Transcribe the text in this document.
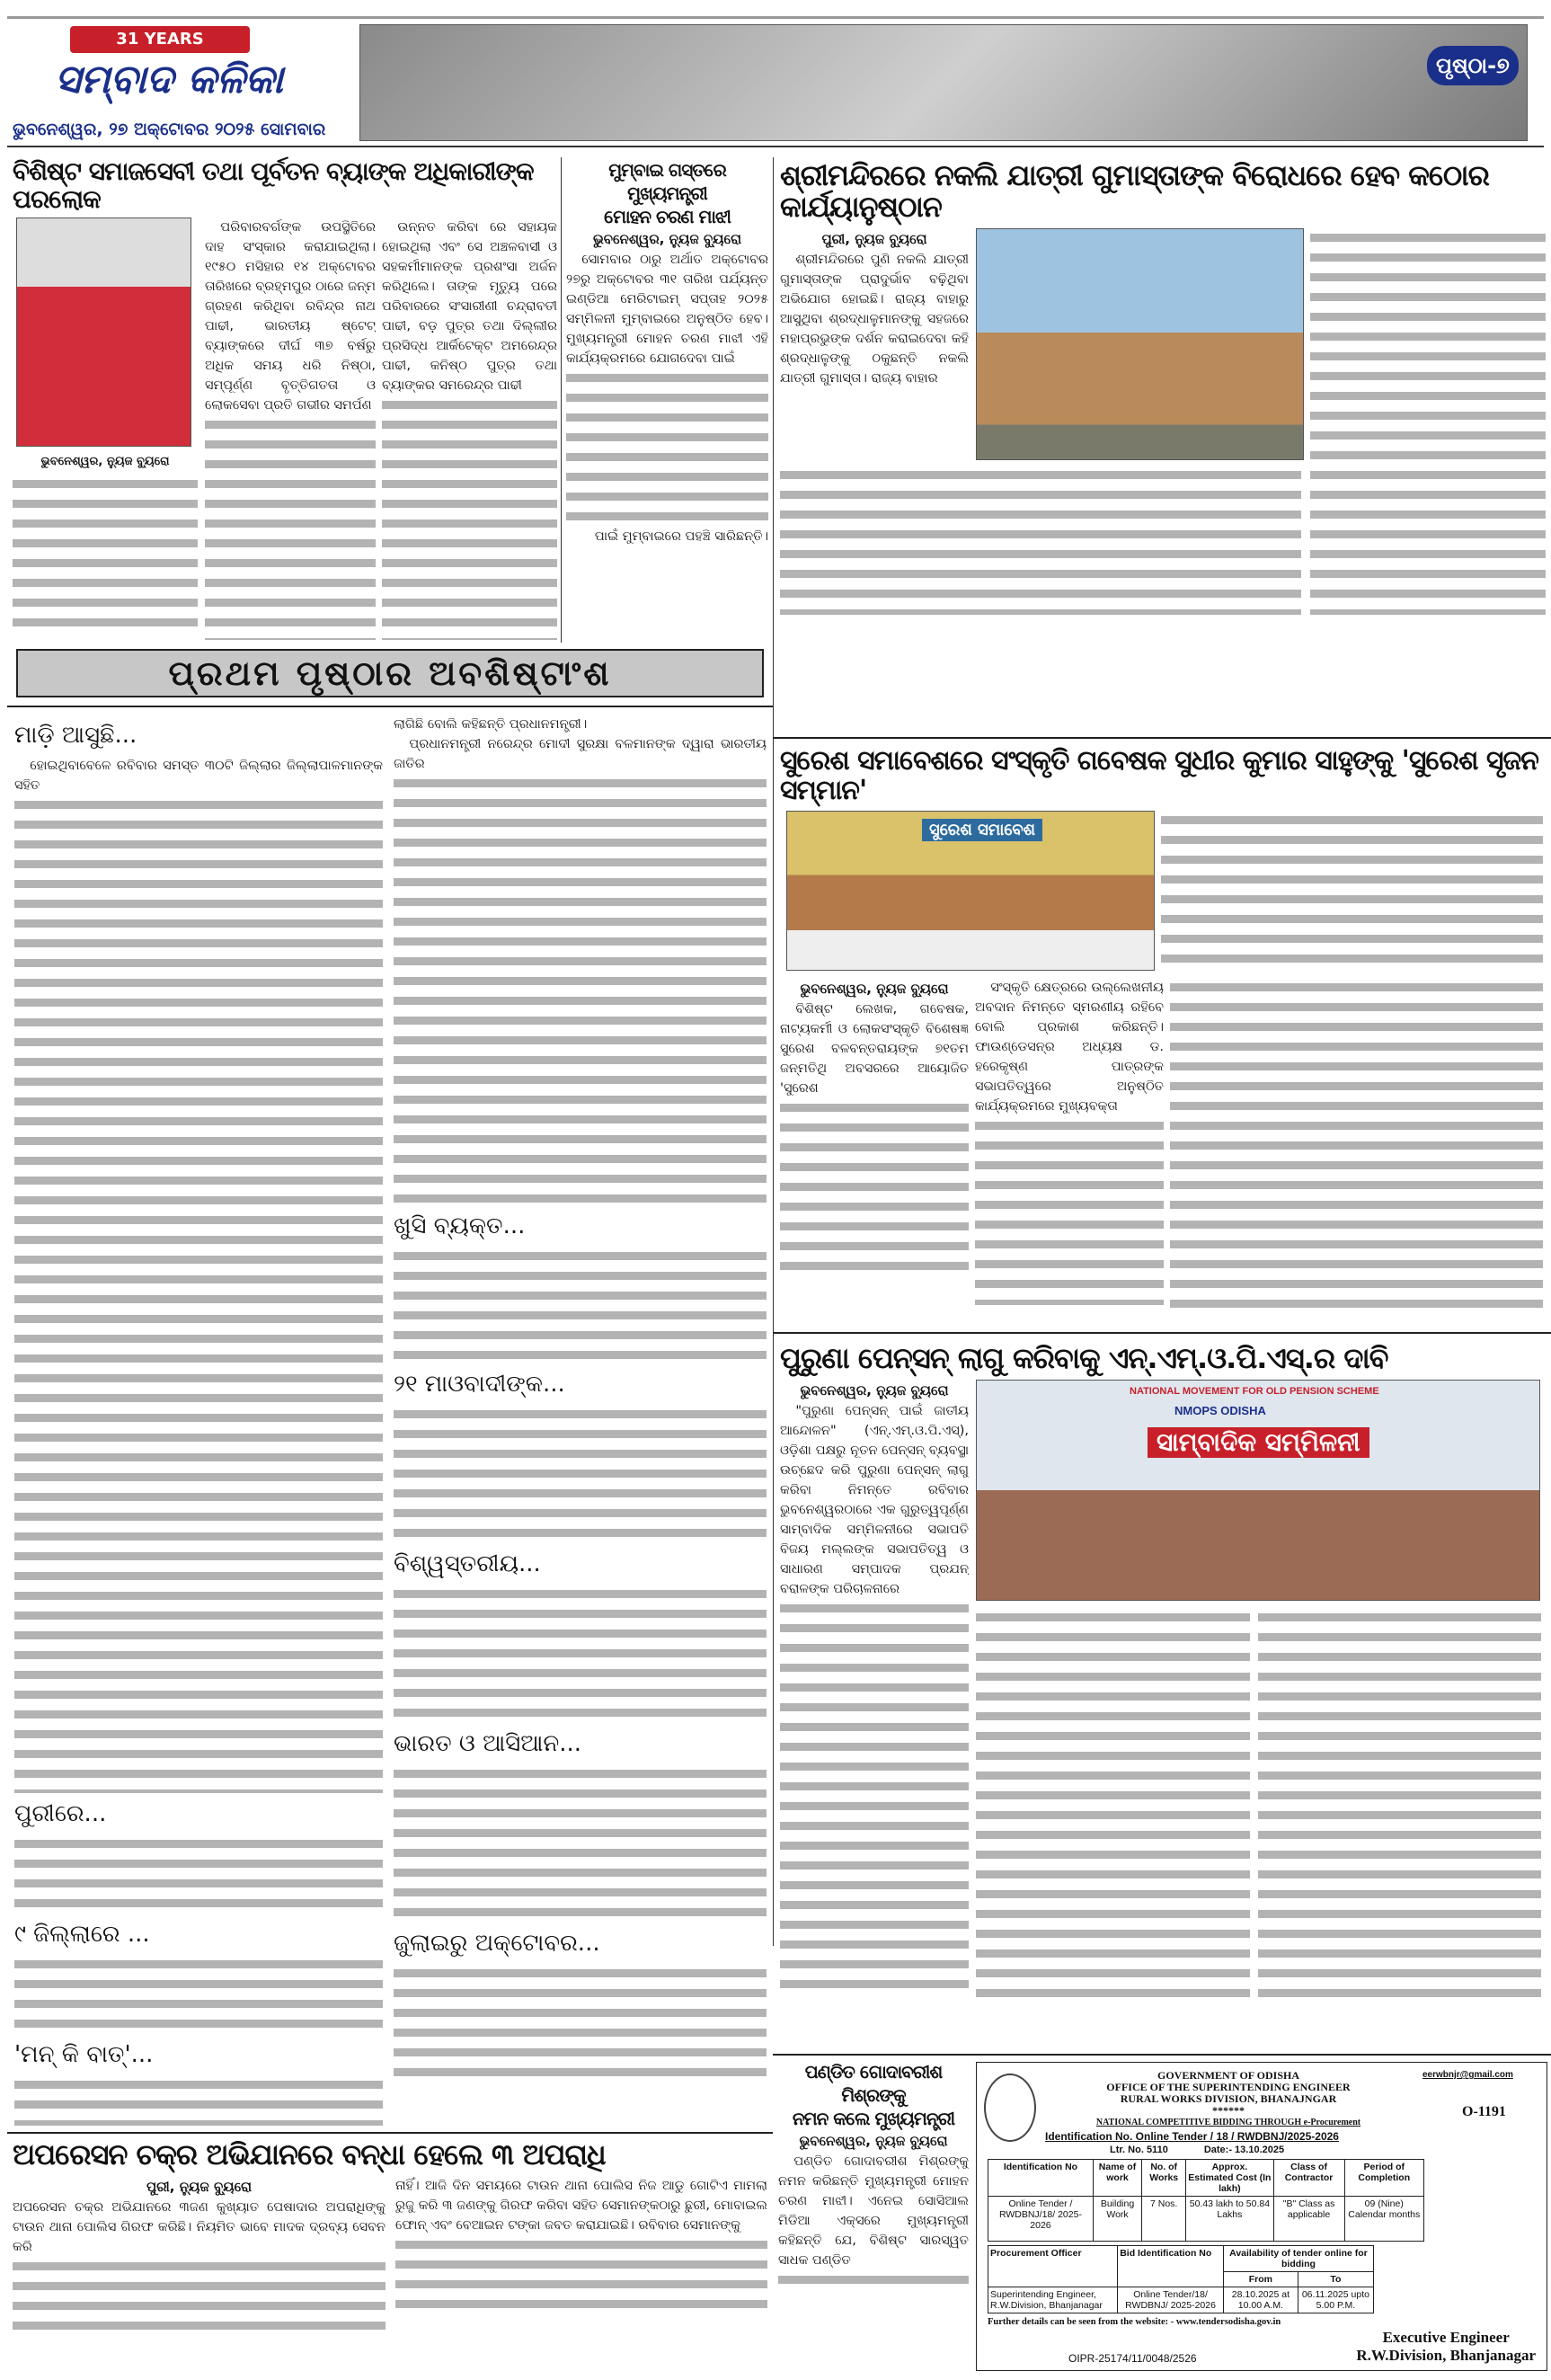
31 YEARS
ସମ୍ବାଦ କଳିକା
ଭୁବନେଶ୍ୱର, ୨୭ ଅକ୍ଟୋବର ୨୦୨୫ ସୋମବାର
ପୃଷ୍ଠା-୭
ବିଶିଷ୍ଟ ସମାଜସେବୀ ତଥା ପୂର୍ବତନ ବ୍ୟାଙ୍କ ଅଧିକାରୀଙ୍କ ପରଲୋକ
ଭୁବନେଶ୍ୱର, ନ୍ୟୁଜ ବ୍ୟୁରୋ

ପରିବାରବର୍ଗଙ୍କ ଉପସ୍ଥିତିରେ ଦାହ ସଂସ୍କାର କରାଯାଇଥିଲା। ୧୯୫୦ ମସିହାର ୧୪ ଅକ୍ଟୋବର ତାରିଖରେ ବ୍ରହ୍ମପୁର ଠାରେ ଜନ୍ମ ଗ୍ରହଣ କରିଥିବା ରବିନ୍ଦ୍ର ନାଥ ପାଢୀ, ଭାରତୀୟ ଷ୍ଟେଟ୍ ବ୍ୟାଙ୍କରେ ଦୀର୍ଘ ୩୭ ବର୍ଷରୁ ଅଧିକ ସମୟ ଧରି ନିଷ୍ଠା, ସମ୍ପୂର୍ଣ୍ଣ ବୃତ୍ତିଗତତା ଓ ଲୋକସେବା ପ୍ରତି ଗଭୀର ସମର୍ପଣ

ଉନ୍ନତ କରିବା ରେ ସହାୟକ ହୋଇଥିଲା ଏବଂ ସେ ଅଞ୍ଚଳବାସୀ ଓ ସହକର୍ମୀମାନଙ୍କ ପ୍ରଶଂସା ଅର୍ଜନ କରିଥିଲେ। ତାଙ୍କ ମୃତ୍ୟୁ ପରେ ପରିବାରରେ ସଂସାରୀଣୀ ଚନ୍ଦ୍ରାବତୀ ପାଢୀ, ବଡ଼ ପୁତ୍ର ତଥା ଦିଲ୍ଲୀର ପ୍ରସିଦ୍ଧ ଆର୍କିଟେକ୍ଟ ଅମରେନ୍ଦ୍ର ପାଢୀ, କନିଷ୍ଠ ପୁତ୍ର ତଥା ବ୍ୟାଙ୍କର ସମରେନ୍ଦ୍ର ପାଢୀ

ମୁମ୍ବାଇ ଗସ୍ତରେ ମୁଖ୍ୟମନ୍ତ୍ରୀ
ମୋହନ ଚରଣ ମାଝୀ
ଭୁବନେଶ୍ୱର, ନ୍ୟୁଜ ବ୍ୟୁରୋ

ସୋମବାର ଠାରୁ ଅର୍ଥାତ ଅକ୍ଟୋବର ୨୭ରୁ ଅକ୍ଟୋବର ୩୧ ତାରିଖ ପର୍ଯ୍ୟନ୍ତ ଇଣ୍ଡିଆ ମେରିଟାଇମ୍ ସପ୍ତାହ ୨୦୨୫ ସମ୍ମିଳନୀ ମୁମ୍ବାଇରେ ଅନୁଷ୍ଠିତ ହେବ। ମୁଖ୍ୟମନ୍ତ୍ରୀ ମୋହନ ଚରଣ ମାଝୀ ଏହି କାର୍ଯ୍ୟକ୍ରମରେ ଯୋଗଦେବା ପାଇଁ

ପାଇଁ ମୁମ୍ବାଇରେ ପହଞ୍ଚି ସାରିଛନ୍ତି।
ଶ୍ରୀମନ୍ଦିରରେ ନକଲି ଯାତ୍ରୀ ଗୁମାସ୍ତାଙ୍କ ବିରୋଧରେ ହେବ କଠୋର କାର୍ଯ୍ୟାନୁଷ୍ଠାନ
ପୁରୀ, ନ୍ୟୁଜ ବ୍ୟୁରୋ

ଶ୍ରୀମନ୍ଦିରରେ ପୁଣି ନକଲି ଯାତ୍ରୀ ଗୁମାସ୍ତାଙ୍କ ପ୍ରାଦୁର୍ଭାବ ବଢ଼ିଥିବା ଅଭିଯୋଗ ହୋଇଛି। ରାଜ୍ୟ ବାହାରୁ ଆସୁଥିବା ଶ୍ରଦ୍ଧାଳୁମାନଙ୍କୁ ସହଜରେ ମହାପ୍ରଭୁଙ୍କ ଦର୍ଶନ କରାଇଦେବା କହି ଶ୍ରଦ୍ଧାଳୁଙ୍କୁ ଠକୁଛନ୍ତି ନକଲି ଯାତ୍ରୀ ଗୁମାସ୍ତା। ରାଜ୍ୟ ବାହାର

ପ୍ରଥମ ପୃଷ୍ଠାର ଅବଶିଷ୍ଟାଂଶ
ମାଡ଼ି ଆସୁଛି...

ହୋଇଥିବାବେଳେ ରବିବାର ସମସ୍ତ ୩୦ଟି ଜିଲ୍ଲାର ଜିଲ୍ଲାପାଳମାନଙ୍କ ସହିତ

ପୁରୀରେ...
୯ ଜିଲ୍ଲାରେ ...
'ମନ୍ କି ବାତ୍'...
ଲାଗିଛି ବୋଲି କହିଛନ୍ତି ପ୍ରଧାନମନ୍ତ୍ରୀ।

ପ୍ରଧାନମନ୍ତ୍ରୀ ନରେନ୍ଦ୍ର ମୋଦୀ ସୁରକ୍ଷା ବଳମାନଙ୍କ ଦ୍ୱାରା ଭାରତୀୟ ଜାତିର

ଖୁସି ବ୍ୟକ୍ତ...
୨୧ ମାଓବାଦୀଙ୍କ...
ବିଶ୍ୱସ୍ତରୀୟ...
ଭାରତ ଓ ଆସିଆନ...
ଜୁଲାଇରୁ ଅକ୍ଟୋବର...
ସୁରେଶ ସମାବେଶରେ ସଂସ୍କୃତି ଗବେଷକ ସୁଧୀର କୁମାର ସାହୁଙ୍କୁ 'ସୁରେଶ ସୃଜନ ସମ୍ମାନ'
ସୁରେଶ ସମାବେଶ
ଭୁବନେଶ୍ୱର, ନ୍ୟୁଜ ବ୍ୟୁରୋ

ବିଶିଷ୍ଟ ଲେଖକ, ଗବେଷକ, ନାଟ୍ୟକର୍ମୀ ଓ ଲୋକସଂସ୍କୃତି ବିଶେଷଜ୍ଞ ସୁରେଶ ବଳବନ୍ତରାୟଙ୍କ ୭୧ତମ ଜନ୍ମତିଥି ଅବସରରେ ଆୟୋଜିତ 'ସୁରେଶ

ସଂସ୍କୃତି କ୍ଷେତ୍ରରେ ଉଲ୍ଲେଖନୀୟ ଅବଦାନ ନିମନ୍ତେ ସ୍ମରଣୀୟ ରହିବେ ବୋଲି ପ୍ରକାଶ କରିଛନ୍ତି। ଫାଉଣ୍ଡେସନ୍‌ର ଅଧ୍ୟକ୍ଷ ଡ. ହରେକୃଷ୍ଣ ପାତ୍ରଙ୍କ ସଭାପତିତ୍ୱରେ ଅନୁଷ୍ଠିତ କାର୍ଯ୍ୟକ୍ରମରେ ମୁଖ୍ୟବକ୍ତା

ପୁରୁଣା ପେନ୍‌ସନ୍ ଲାଗୁ କରିବାକୁ ଏନ୍.ଏମ୍.ଓ.ପି.ଏସ୍.ର ଦାବି
ଭୁବନେଶ୍ୱର, ନ୍ୟୁଜ ବ୍ୟୁରୋ

"ପୁରୁଣା ପେନ୍‌ସନ୍ ପାଇଁ ଜାତୀୟ ଆନ୍ଦୋଳନ" (ଏନ୍.ଏମ୍.ଓ.ପି.ଏସ୍), ଓଡ଼ିଶା ପକ୍ଷରୁ ନୂତନ ପେନ୍‌ସନ୍ ବ୍ୟବସ୍ଥା ଉଚ୍ଛେଦ କରି ପୁରୁଣା ପେନ୍‌ସନ୍ ଲାଗୁ କରିବା ନିମନ୍ତେ ରବିବାର ଭୁବନେଶ୍ୱରଠାରେ ଏକ ଗୁରୁତ୍ୱପୂର୍ଣ୍ଣ ସାମ୍ବାଦିକ ସମ୍ମିଳନୀରେ ସଭାପତି ବିଜୟ ମଲ୍ଲଙ୍କ ସଭାପତିତ୍ୱ ଓ ସାଧାରଣ ସମ୍ପାଦକ ପ୍ରଯନ୍ ବରାଳଙ୍କ ପରିଚାଳନାରେ

NATIONAL MOVEMENT FOR OLD PENSION SCHEME
NMOPS ODISHA
ସାମ୍ବାଦିକ ସମ୍ମିଳନୀ
ଅପରେସନ ଚକ୍ର ଅଭିଯାନରେ ବନ୍ଧା ହେଲେ ୩ ଅପରାଧି
ପୁରୀ, ନ୍ୟୁଜ ବ୍ୟୁରୋ
ଅପରେସନ ଚକ୍ର ଅଭିଯାନରେ ୩ଜଣ କୁଖ୍ୟାତ ପେଷାଦାର ଅପରାଧିଙ୍କୁ ଟାଉନ ଥାନା ପୋଲିସ ଗିରଫ କରିଛି। ନିୟମିତ ଭାବେ ମାଦକ ଦ୍ରବ୍ୟ ସେବନ କରି
ନାହିଁ। ଆଜି ଦିନ ସମୟରେ ଟାଉନ ଥାନା ପୋଲିସ ନିଜ ଆଡୁ ଗୋଟିଏ ମାମଲା ରୁଜୁ କରି ୩ ଜଣଙ୍କୁ ଗିରଫ କରିବା ସହିତ ସେମାନଙ୍କଠାରୁ ଛୁରୀ, ମୋବାଇଲ ଫୋନ୍ ଏବଂ ବେଆଇନ ଟଙ୍କା ଜବତ କରାଯାଇଛି। ରବିବାର ସେମାନଙ୍କୁ
ପଣ୍ଡିତ ଗୋଦାବରୀଶ ମିଶ୍ରଙ୍କୁ
ନମନ କଲେ ମୁଖ୍ୟମନ୍ତ୍ରୀ
ଭୁବନେଶ୍ୱର, ନ୍ୟୁଜ ବ୍ୟୁରୋ

ପଣ୍ଡିତ ଗୋଦାବରୀଶ ମିଶ୍ରଙ୍କୁ ନମନ କରିଛନ୍ତି ମୁଖ୍ୟମନ୍ତ୍ରୀ ମୋହନ ଚରଣ ମାଝୀ। ଏନେଇ ସୋସିଆଲ ମିଡିଆ ଏକ୍ସରେ ମୁଖ୍ୟମନ୍ତ୍ରୀ କହିଛନ୍ତି ଯେ, ବିଶିଷ୍ଟ ସାରସ୍ୱତ ସାଧକ ପଣ୍ଡିତ

eerwbnjr@gmail.com
O-1191
GOVERNMENT OF ODISHA
OFFICE OF THE SUPERINTENDING ENGINEER
RURAL WORKS DIVISION, BHANAJNGAR
******
NATIONAL COMPETITIVE BIDDING THROUGH e-Procurement
Identification No. Online Tender / 18 / RWDBNJ/2025-2026
Ltr. No. 5110	Date:- 13.10.2025
Identification No	Name of work	No. of Works	Approx. Estimated Cost (In lakh)	Class of Contractor	Period of Completion
Online Tender / RWDBNJ/18/ 2025-2026	Building Work	7 Nos.	50.43 lakh to 50.84 Lakhs	"B" Class as applicable	09 (Nine) Calendar months
Procurement Officer	Bid Identification No	Availability of tender online for bidding	
		From	To
Superintending Engineer, R.W.Division, Bhanjanagar	Online Tender/18/ RWDBNJ/ 2025-2026	28.10.2025 at 10.00 A.M.	06.11.2025 upto 5.00 P.M.
Further details can be seen from the website: - www.tendersodisha.gov.in
OIPR-25174/11/0048/2526
Executive Engineer
R.W.Division, Bhanjanagar
